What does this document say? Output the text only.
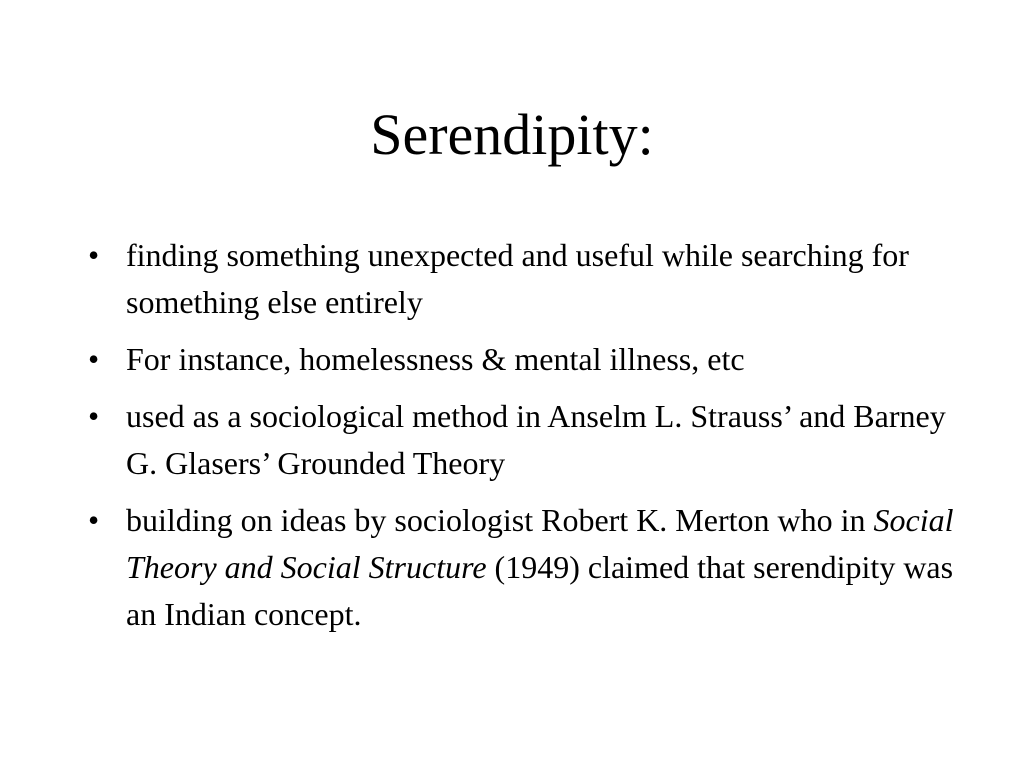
Serendipity:
• finding something unexpected and useful while searching for something else entirely
• For instance, homelessness & mental illness, etc
• used as a sociological method in Anselm L. Strauss’ and Barney G. Glasers’ Grounded Theory
• building on ideas by sociologist Robert K. Merton who in Social Theory and Social Structure (1949) claimed that serendipity was an Indian concept.
